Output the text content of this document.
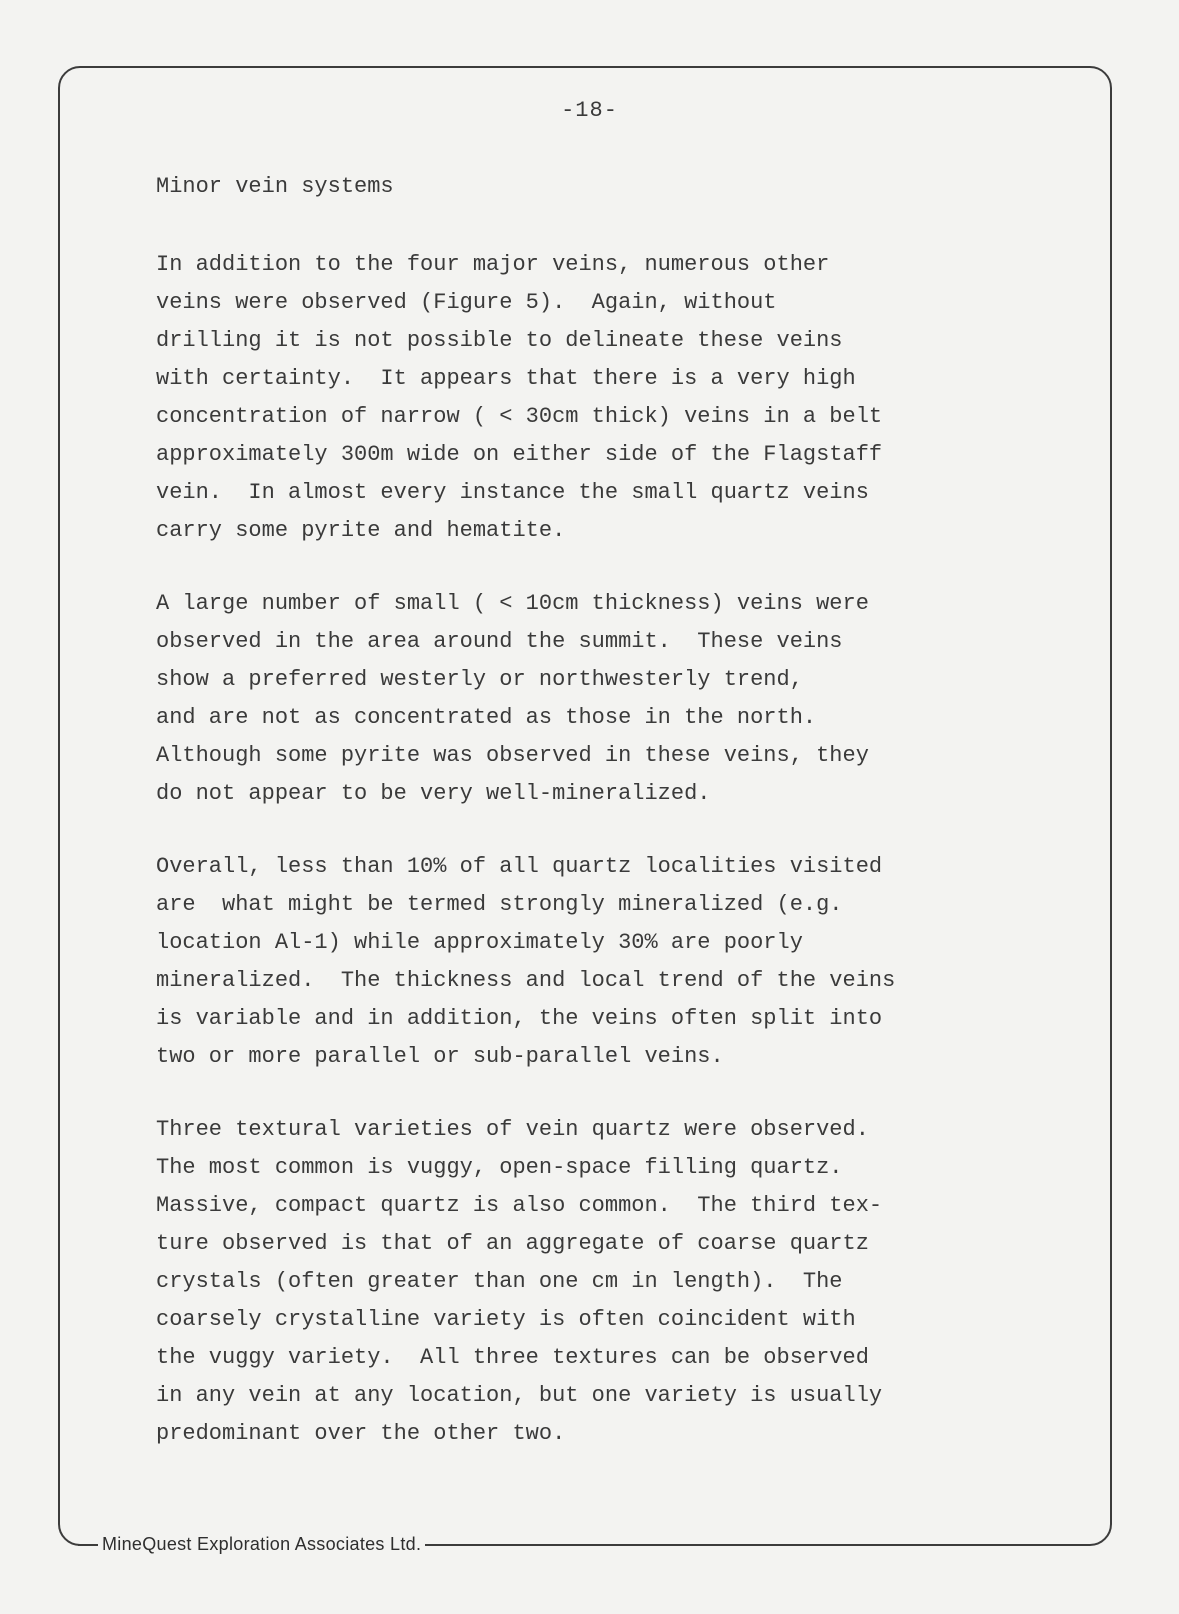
-18-
Minor vein systems
In addition to the four major veins, numerous other
veins were observed (Figure 5).  Again, without
drilling it is not possible to delineate these veins
with certainty.  It appears that there is a very high
concentration of narrow ( < 30cm thick) veins in a belt
approximately 300m wide on either side of the Flagstaff
vein.  In almost every instance the small quartz veins
carry some pyrite and hematite.
A large number of small ( < 10cm thickness) veins were
observed in the area around the summit.  These veins
show a preferred westerly or northwesterly trend,
and are not as concentrated as those in the north.
Although some pyrite was observed in these veins, they
do not appear to be very well-mineralized.
Overall, less than 10% of all quartz localities visited
are  what might be termed strongly mineralized (e.g.
location Al-1) while approximately 30% are poorly
mineralized.  The thickness and local trend of the veins
is variable and in addition, the veins often split into
two or more parallel or sub-parallel veins.
Three textural varieties of vein quartz were observed.
The most common is vuggy, open-space filling quartz.
Massive, compact quartz is also common.  The third tex-
ture observed is that of an aggregate of coarse quartz
crystals (often greater than one cm in length).  The
coarsely crystalline variety is often coincident with
the vuggy variety.  All three textures can be observed
in any vein at any location, but one variety is usually
predominant over the other two.
MineQuest Exploration Associates Ltd.
